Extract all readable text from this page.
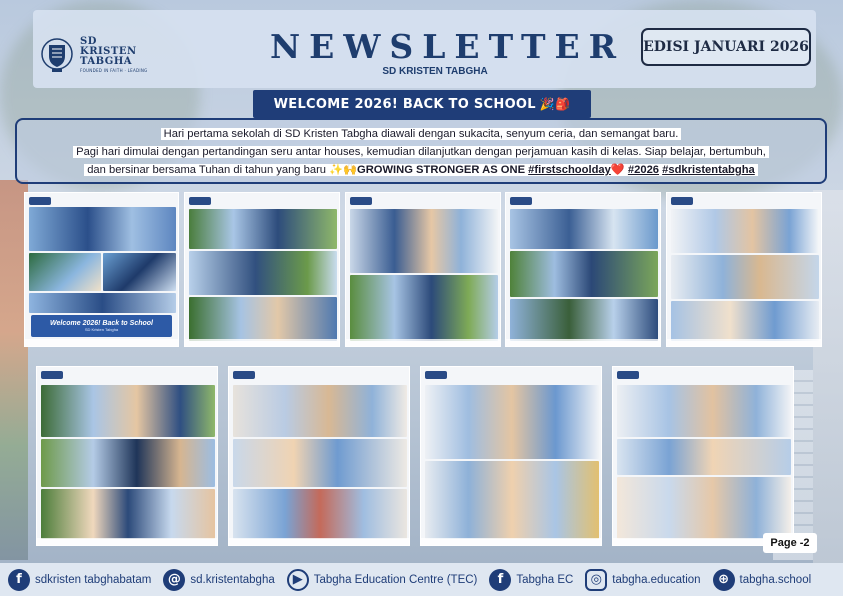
SD
KRISTEN
TABGHA
FOUNDED IN FAITH · LEADING
NEWSLETTER
SD KRISTEN TABGHA
EDISI JANUARI 2026
WELCOME 2026! BACK TO SCHOOL 🎉🎒
Hari pertama sekolah di SD Kristen Tabgha diawali dengan sukacita, senyum ceria, dan semangat baru.
Pagi hari dimulai dengan pertandingan seru antar houses, kemudian dilanjutkan dengan perjamuan kasih di kelas. Siap belajar, bertumbuh,
dan bersinar bersama Tuhan di tahun yang baru ✨🙌GROWING STRONGER AS ONE #firstschoolday❤️ #2026 #sdkristentabgha
Welcome 2026! Back to School
SD Kristen Tabgha
Page -2
f	sdkristen tabghabatam	@ sd.kristentabgha	▶ Tabgha Education Centre (TEC)	f	Tabgha EC	◎ tabgha.education	⊕ tabgha.school
